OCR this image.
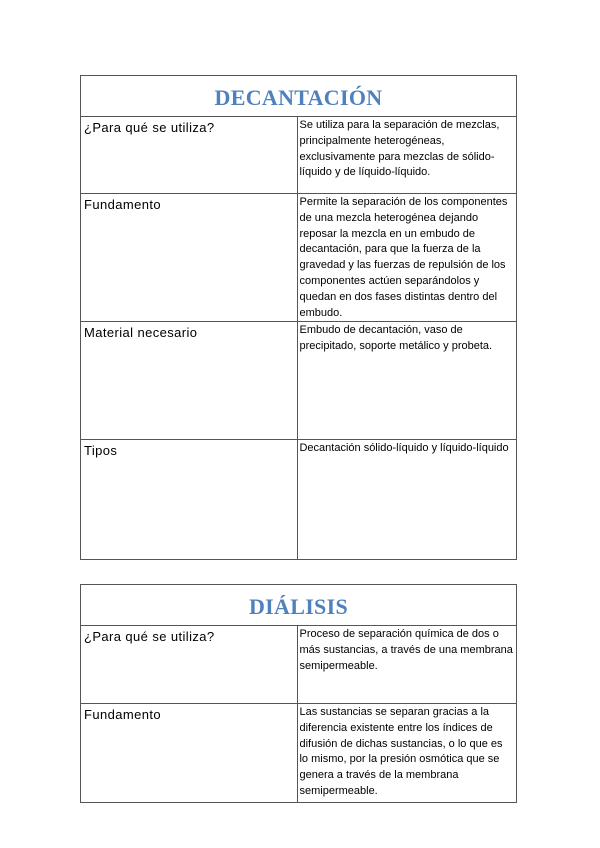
DECANTACIÓN	
¿Para qué se utiliza?	Se utiliza para la separación de mezclas, principalmente heterogéneas, exclusivamente para mezclas de sólido-líquido y de líquido-líquido.
Fundamento	Permite la separación de los componentes de una mezcla heterogénea dejando reposar la mezcla en un embudo de decantación, para que la fuerza de la gravedad y las fuerzas de repulsión de los componentes actúen separándolos y quedan en dos fases distintas dentro del embudo.
Material necesario	Embudo de decantación, vaso de precipitado, soporte metálico y probeta.
Tipos	Decantación sólido-líquido y líquido-líquido
DIÁLISIS	
¿Para qué se utiliza?	Proceso de separación química de dos o más sustancias, a través de una membrana semipermeable.
Fundamento	Las sustancias se separan gracias a la diferencia existente entre los índices de difusión de dichas sustancias, o lo que es lo mismo, por la presión osmótica que se genera a través de la membrana semipermeable.
